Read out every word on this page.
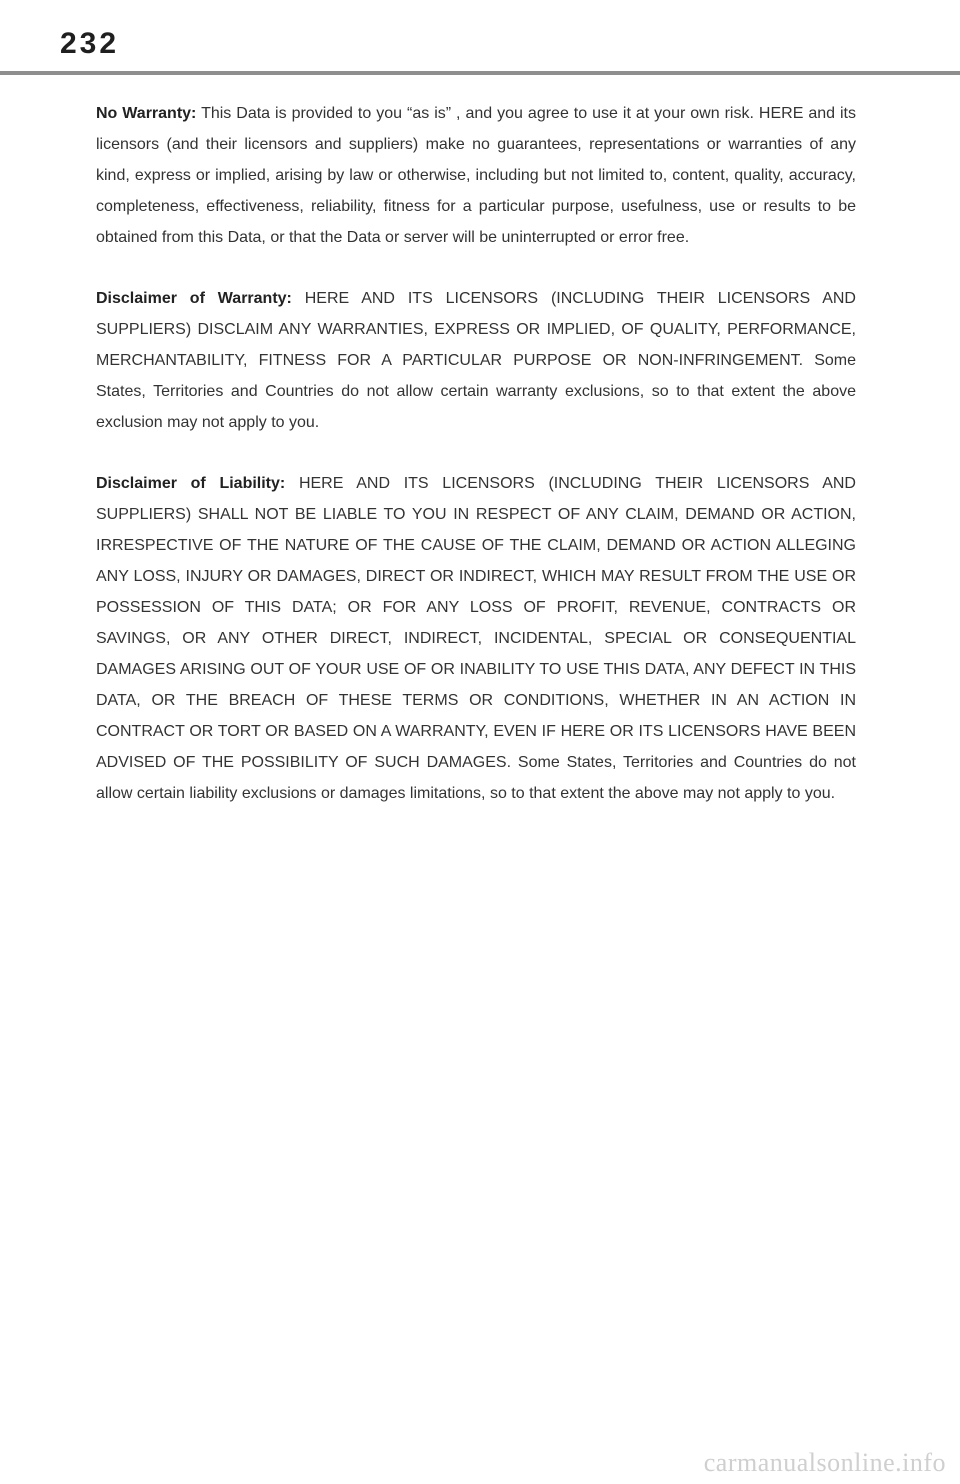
232

No Warranty: This Data is provided to you “as is” , and you agree to use it at your own risk. HERE and its licensors (and their licensors and suppliers) make no guarantees, representations or warranties of any kind, express or implied, arising by law or otherwise, including but not limited to, content, quality, accuracy, completeness, effectiveness, reliability, fitness for a particular purpose, usefulness, use or results to be obtained from this Data, or that the Data or server will be uninterrupted or error free.

Disclaimer of Warranty: HERE AND ITS LICENSORS (INCLUDING THEIR LICENSORS AND SUPPLIERS) DISCLAIM ANY WARRANTIES, EXPRESS OR IMPLIED, OF QUALITY, PERFORMANCE, MERCHANTABILITY, FITNESS FOR A PARTICULAR PURPOSE OR NON-INFRINGEMENT. Some States, Territories and Countries do not allow certain warranty exclusions, so to that extent the above exclusion may not apply to you.

Disclaimer of Liability: HERE AND ITS LICENSORS (INCLUDING THEIR LICENSORS AND SUPPLIERS) SHALL NOT BE LIABLE TO YOU IN RESPECT OF ANY CLAIM, DEMAND OR ACTION, IRRESPECTIVE OF THE NATURE OF THE CAUSE OF THE CLAIM, DEMAND OR ACTION ALLEGING ANY LOSS, INJURY OR DAMAGES, DIRECT OR INDIRECT, WHICH MAY RESULT FROM THE USE OR POSSESSION OF THIS DATA; OR FOR ANY LOSS OF PROFIT, REVENUE, CONTRACTS OR SAVINGS, OR ANY OTHER DIRECT, INDIRECT, INCIDENTAL, SPECIAL OR CONSEQUENTIAL DAMAGES ARISING OUT OF YOUR USE OF OR INABILITY TO USE THIS DATA, ANY DEFECT IN THIS DATA, OR THE BREACH OF THESE TERMS OR CONDITIONS, WHETHER IN AN ACTION IN CONTRACT OR TORT OR BASED ON A WARRANTY, EVEN IF HERE OR ITS LICENSORS HAVE BEEN ADVISED OF THE POSSIBILITY OF SUCH DAMAGES. Some States, Territories and Countries do not allow certain liability exclusions or damages limitations, so to that extent the above may not apply to you.

carmanualsonline.info
